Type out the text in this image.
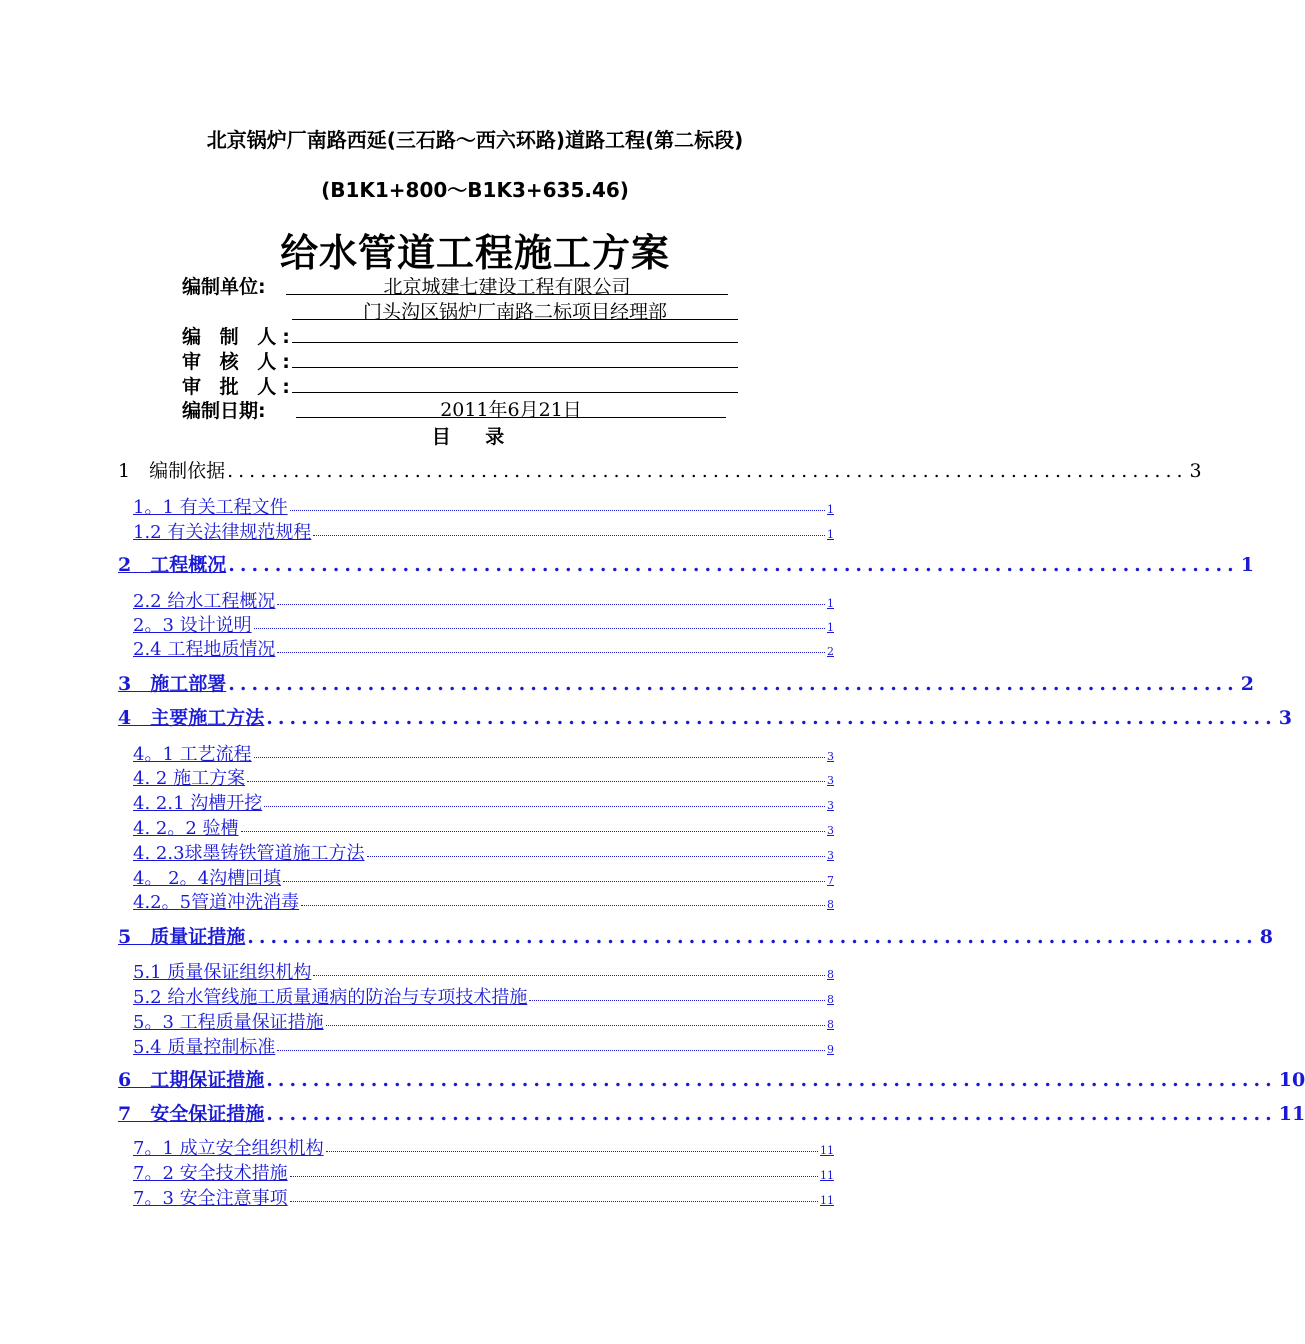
北京锅炉厂南路西延(三石路～西六环路)道路工程(第二标段)
(B1K1+800～B1K3+635.46)
给水管道工程施工方案
编制单位:	北京城建七建设工程有限公司
门头沟区锅炉厂南路二标项目经理部
编 制 人:
审 核 人:
审 批 人:
编制日期:	2011年6月21日
目 录
1　编制依据 ....................................................................................... 3
1。1 有关工程文件	1
1.2 有关法律规范规程	1
2　工程概况 ....................................................................................... 1
2.2 给水工程概况	1
2。3 设计说明	1
2.4 工程地质情况	2
3　施工部署 ....................................................................................... 2
4　主要施工方法 ....................................................................................... 3
4。1 工艺流程	3
4. 2 施工方案	3
4. 2.1 沟槽开挖	3
4. 2。2 验槽	3
4. 2.3球墨铸铁管道施工方法	3
4。 2。4沟槽回填	7
4.2。5管道冲洗消毒	8
5　质量证措施 ....................................................................................... 8
5.1 质量保证组织机构	8
5.2 给水管线施工质量通病的防治与专项技术措施	8
5。3 工程质量保证措施	8
5.4 质量控制标准	9
6　工期保证措施 ....................................................................................... 10
7　安全保证措施 ....................................................................................... 11
7。1 成立安全组织机构	11
7。2 安全技术措施	11
7。3 安全注意事项	11
